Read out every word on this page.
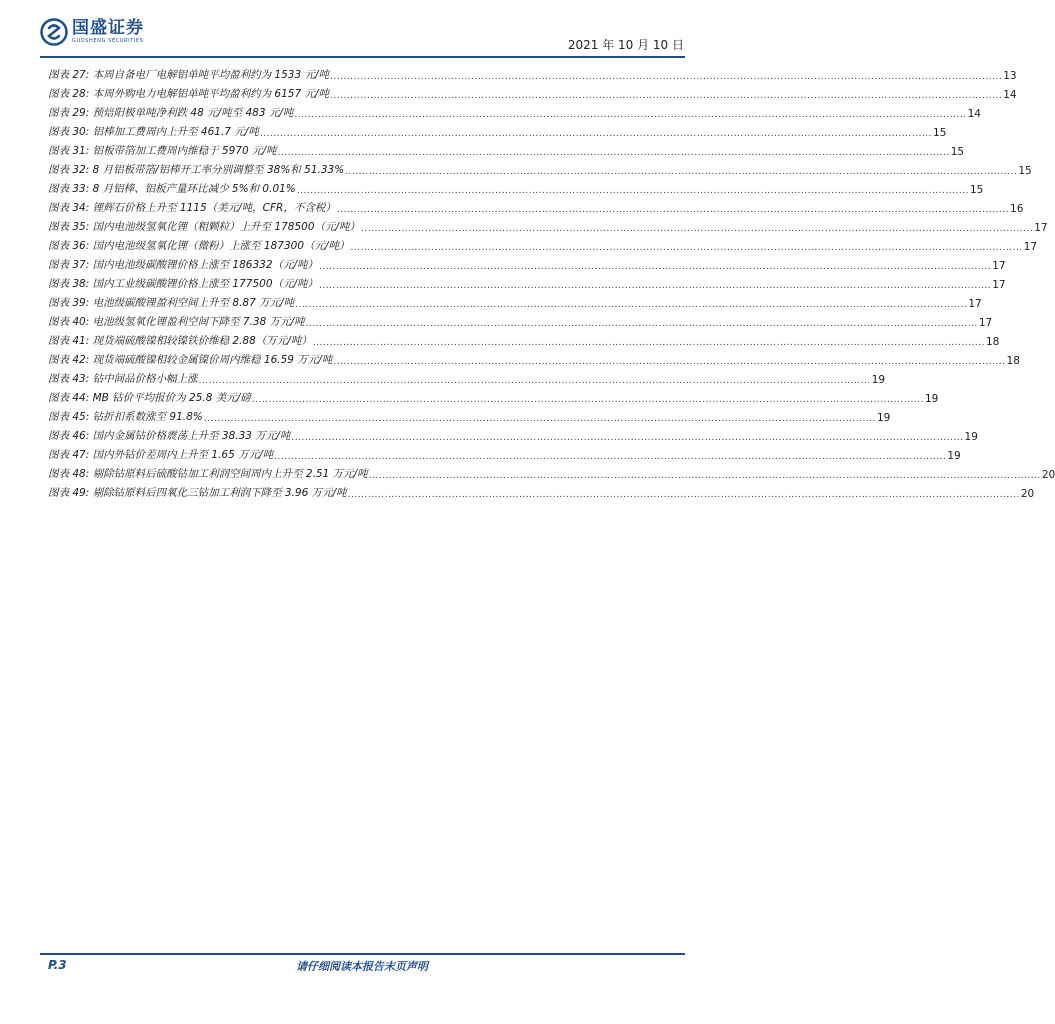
国盛证券
GUOSHENG SECURITIES	2021 年 10 月 10 日
图表 27: 本周自备电厂电解铝单吨平均盈利约为 1533 元/吨 ........................................................................................................................................................................................................ 13
图表 28: 本周外购电力电解铝单吨平均盈利约为 6157 元/吨 ........................................................................................................................................................................................................ 14
图表 29: 预焙阳极单吨净利跌 48 元/吨至 483 元/吨 ........................................................................................................................................................................................................ 14
图表 30: 铝棒加工费周内上升至 461.7 元/吨 ........................................................................................................................................................................................................ 15
图表 31: 铝板带箔加工费周内维稳于 5970 元/吨 ........................................................................................................................................................................................................ 15
图表 32: 8 月铝板带箔/铝棒开工率分别调整至 38%和 51.33% ........................................................................................................................................................................................................ 15
图表 33: 8 月铝棒、铝板产量环比减少 5%和 0.01% ........................................................................................................................................................................................................ 15
图表 34: 锂辉石价格上升至 1115（美元/吨，CFR，不含税） ........................................................................................................................................................................................................ 16
图表 35: 国内电池级氢氧化锂（粗颗粒）上升至 178500（元/吨） ........................................................................................................................................................................................................ 17
图表 36: 国内电池级氢氧化锂（微粉）上涨至 187300（元/吨） ........................................................................................................................................................................................................ 17
图表 37: 国内电池级碳酸锂价格上涨至 186332（元/吨） ........................................................................................................................................................................................................ 17
图表 38: 国内工业级碳酸锂价格上涨至 177500（元/吨） ........................................................................................................................................................................................................ 17
图表 39: 电池级碳酸锂盈利空间上升至 8.87 万元/吨 ........................................................................................................................................................................................................ 17
图表 40: 电池级氢氧化锂盈利空间下降至 7.38 万元/吨 ........................................................................................................................................................................................................ 17
图表 41: 现货端硫酸镍相较镍铁价维稳 2.88（万元/吨） ........................................................................................................................................................................................................ 18
图表 42: 现货端硫酸镍相较金属镍价周内维稳 16.59 万元/吨 ........................................................................................................................................................................................................ 18
图表 43: 钴中间品价格小幅上涨 ........................................................................................................................................................................................................ 19
图表 44: MB 钴价平均报价为 25.8 美元/磅 ........................................................................................................................................................................................................ 19
图表 45: 钴折扣系数涨至 91.8% ........................................................................................................................................................................................................ 19
图表 46: 国内金属钴价格震荡上升至 38.33 万元/吨 ........................................................................................................................................................................................................ 19
图表 47: 国内外钴价差周内上升至 1.65 万元/吨 ........................................................................................................................................................................................................ 19
图表 48: 剔除钴原料后硫酸钴加工利润空间周内上升至 2.51 万元/吨 ........................................................................................................................................................................................................ 20
图表 49: 剔除钴原料后四氧化三钴加工利润下降至 3.96 万元/吨 ........................................................................................................................................................................................................ 20
P.3	请仔细阅读本报告末页声明
